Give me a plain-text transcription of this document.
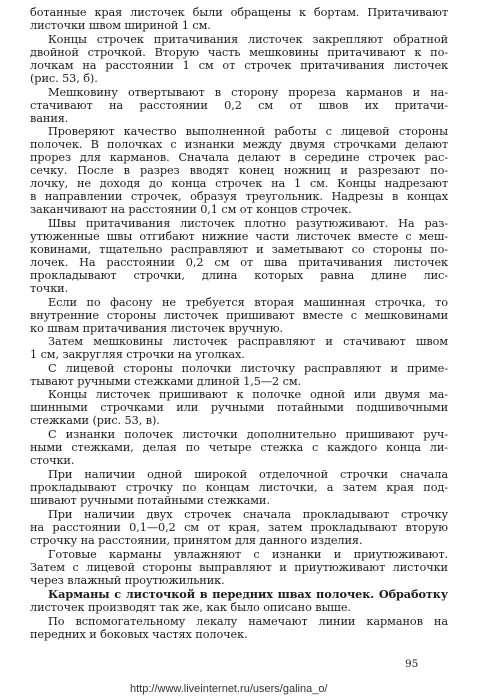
ботанные края листочек были обращены к бортам. Притачивают
листочки швом шириной 1 см.
Концы строчек притачивания листочек закрепляют обратной
двойной строчкой. Вторую часть мешковины притачивают к по-
лочкам на расстоянии 1 см от строчек притачивания листочек
(рис. 53, б).
Мешковину отвертывают в сторону прореза карманов и на-
стачивают на расстоянии 0,2 см от швов их притачи-
вания.
Проверяют качество выполненной работы с лицевой стороны
полочек. В полочках с изнанки между двумя строчками делают
прорез для карманов. Сначала делают в середине строчек рас-
сечку. После в разрез вводят конец ножниц и разрезают по-
лочку, не доходя до конца строчек на 1 см. Концы надрезают
в направлении строчек, образуя треугольник. Надрезы в концах
заканчивают на расстоянии 0,1 см от концов строчек.
Швы притачивания листочек плотно разутюживают. На раз-
утюженные швы отгибают нижние части листочек вместе с меш-
ковинами, тщательно расправляют и заметывают со стороны по-
лочек. На расстоянии 0,2 см от шва притачивания листочек
прокладывают строчки, длина которых равна длине лис-
точки.
Если по фасону не требуется вторая машинная строчка, то
внутренние стороны листочек пришивают вместе с мешковинами
ко швам притачивания листочек вручную.
Затем мешковины листочек расправляют и стачивают швом
1 см, закругляя строчки на уголках.
С лицевой стороны полочки листочку расправляют и приме-
тывают ручными стежками длиной 1,5—2 см.
Концы листочек пришивают к полочке одной или двумя ма-
шинными строчками или ручными потайными подшивочными
стежками (рис. 53, в).
С изнанки полочек листочки дополнительно пришивают руч-
ными стежками, делая по четыре стежка с каждого конца ли-
сточки.
При наличии одной широкой отделочной строчки сначала
прокладывают строчку по концам листочки, а затем края под-
шивают ручными потайными стежками.
При наличии двух строчек сначала прокладывают строчку
на расстоянии 0,1—0,2 см от края, затем прокладывают вторую
строчку на расстоянии, принятом для данного изделия.
Готовые карманы увлажняют с изнанки и приутюживают.
Затем с лицевой стороны выправляют и приутюживают листочки
через влажный проутюжильник.
Карманы с листочкой в передних швах полочек. Обработку
листочек производят так же, как было описано выше.
По вспомогательному лекалу намечают линии карманов на
передних и боковых частях полочек.
95
http://www.liveinternet.ru/users/galina_o/
